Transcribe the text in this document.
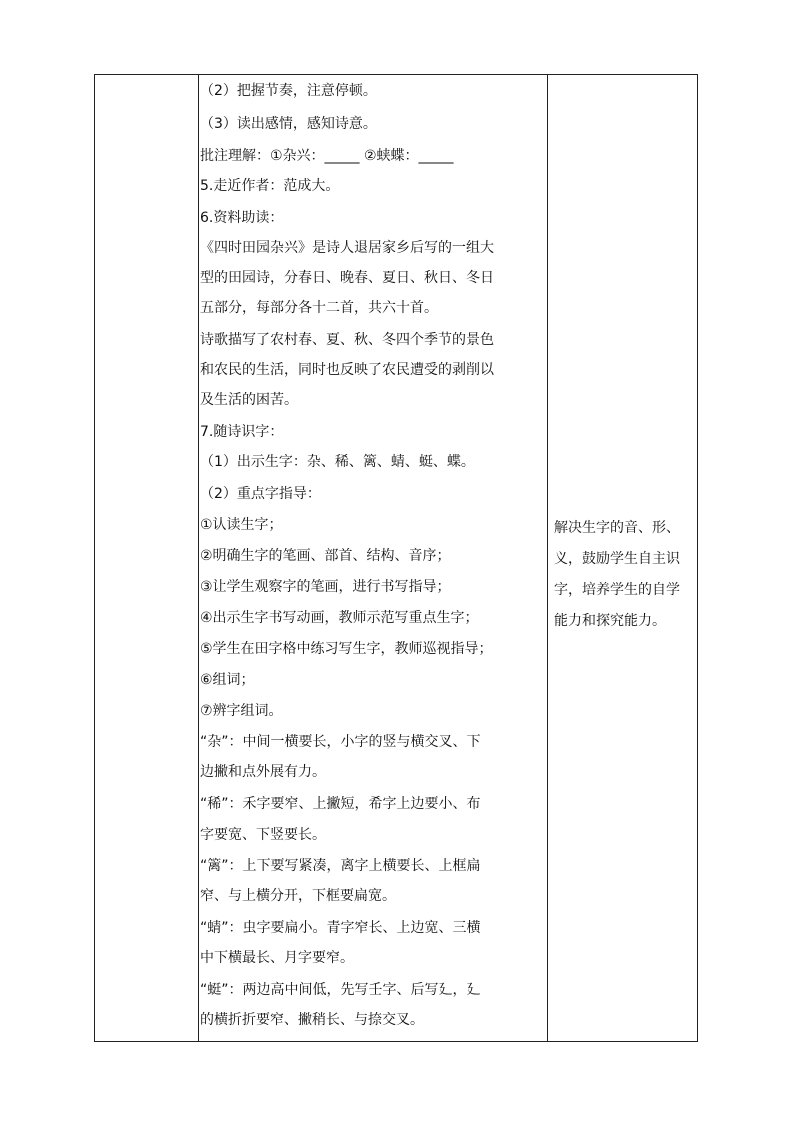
（2）把握节奏，注意停顿。
（3）读出感情，感知诗意。
批注理解：①杂兴：_____ ②蛱蝶：_____
5.走近作者：范成大。
6.资料助读：
《四时田园杂兴》是诗人退居家乡后写的一组大
型的田园诗，分春日、晚春、夏日、秋日、冬日
五部分，每部分各十二首，共六十首。
诗歌描写了农村春、夏、秋、冬四个季节的景色
和农民的生活，同时也反映了农民遭受的剥削以
及生活的困苦。
7.随诗识字：
（1）出示生字：杂、稀、篱、蜻、蜓、蝶。
（2）重点字指导：
①认读生字；
②明确生字的笔画、部首、结构、音序；
③让学生观察字的笔画，进行书写指导；
④出示生字书写动画，教师示范写重点生字；
⑤学生在田字格中练习写生字，教师巡视指导；
⑥组词；
⑦辨字组词。
“杂”：中间一横要长，小字的竖与横交叉、下
边撇和点外展有力。
“稀”：禾字要窄、上撇短，希字上边要小、布
字要宽、下竖要长。
“篱”：上下要写紧凑，离字上横要长、上框扁
窄、与上横分开，下框要扁宽。
“蜻”：虫字要扁小。青字窄长、上边宽、三横
中下横最长、月字要窄。
“蜓”：两边高中间低，先写壬字、后写廴，廴
的横折折要窄、撇稍长、与捺交叉。
解决生字的音、形、
义，鼓励学生自主识
字，培养学生的自学
能力和探究能力。
